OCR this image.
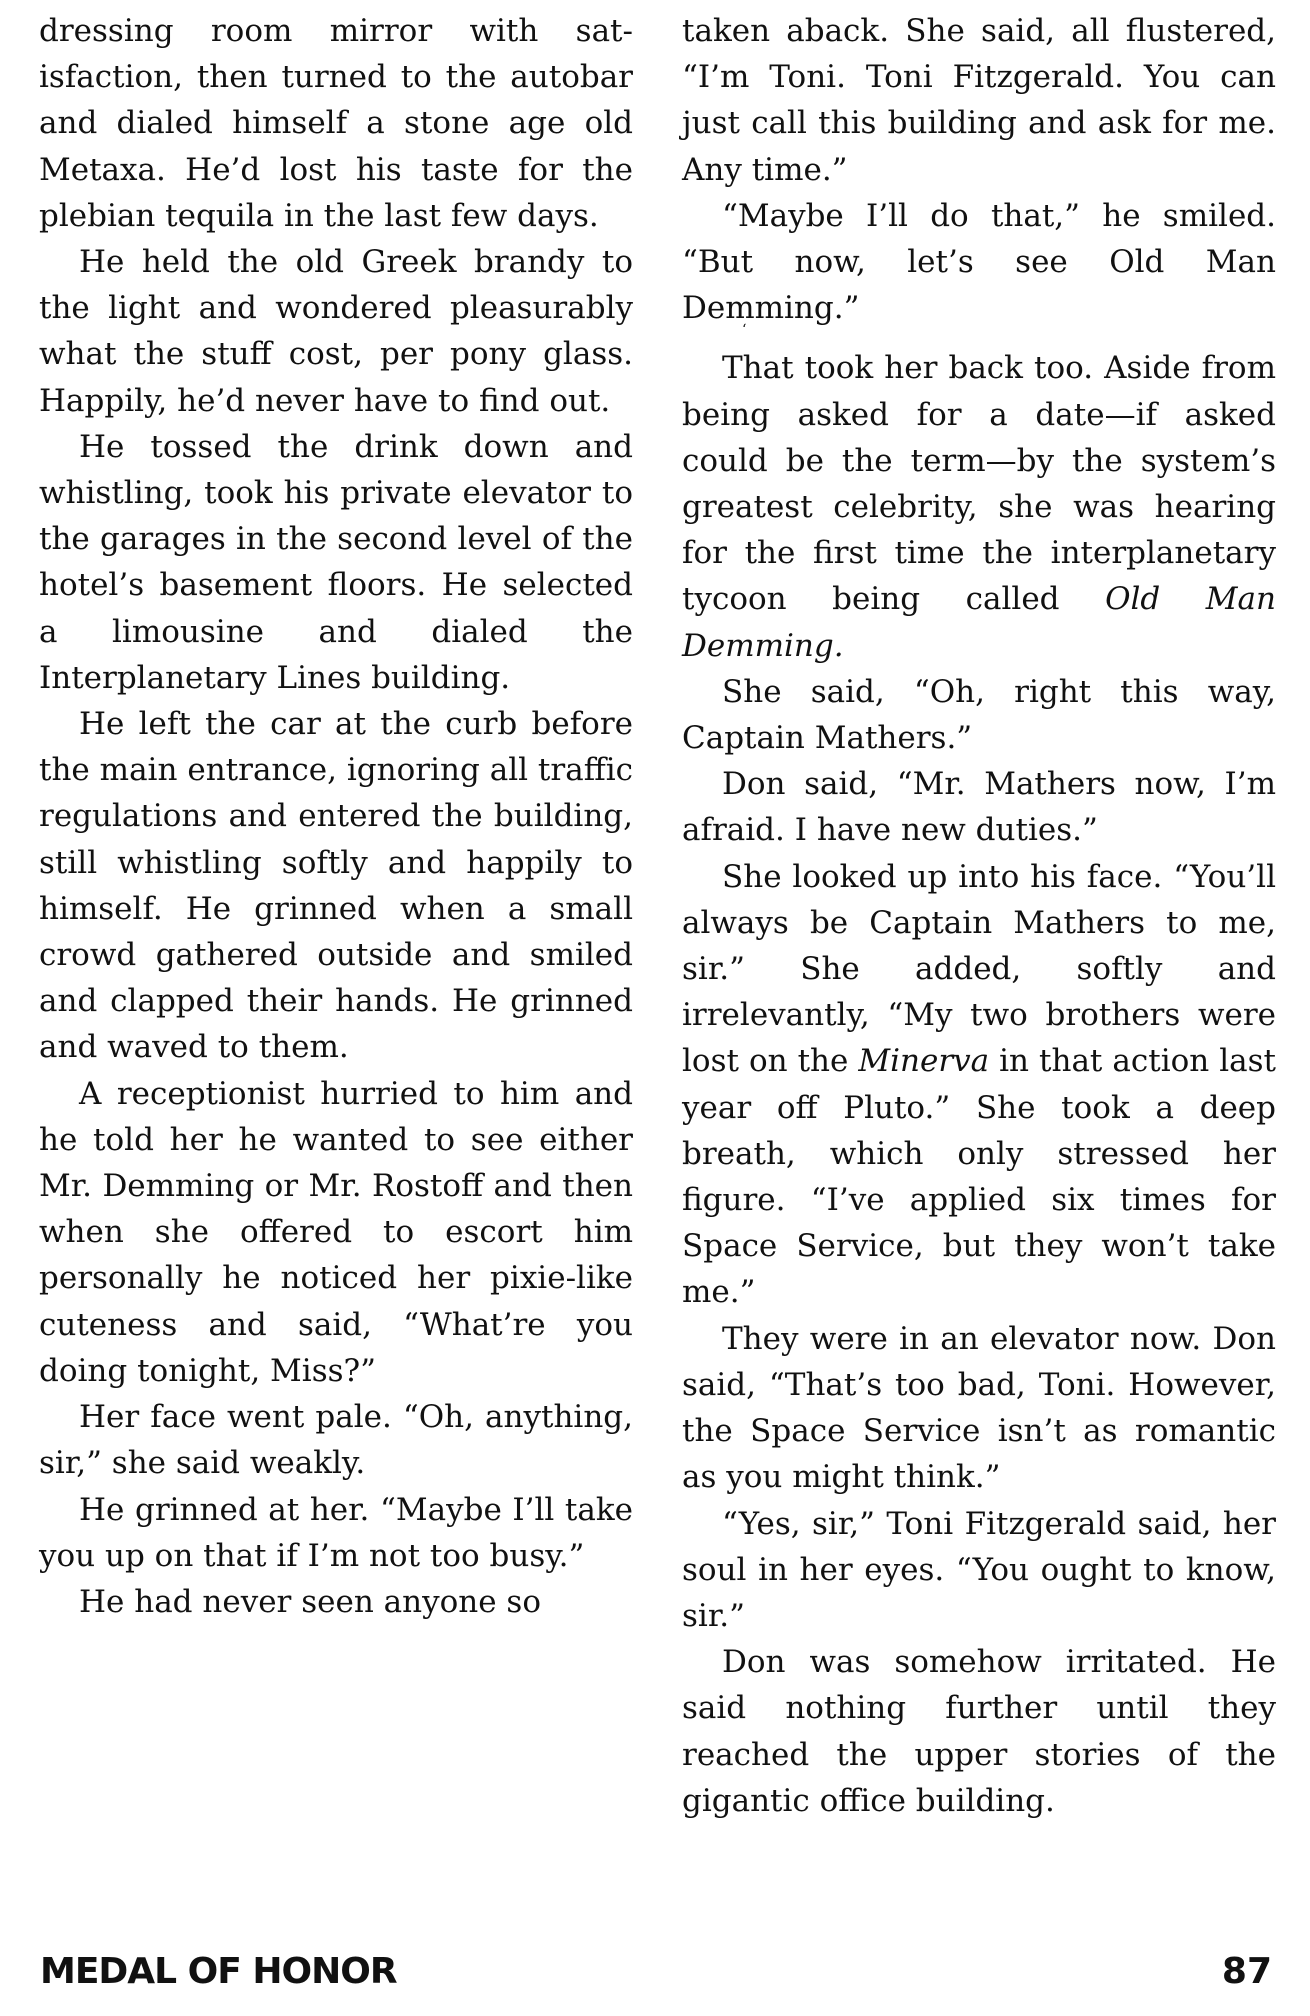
dressing room mirror with satisfaction, then turned to the autobar and dialed himself a stone age old Metaxa. He’d lost his taste for the plebian tequila in the last few days.

He held the old Greek brandy to the light and wondered pleasurably what the stuff cost, per pony glass. Happily, he’d never have to find out.

He tossed the drink down and whistling, took his private elevator to the garages in the second level of the hotel’s basement floors. He selected a limousine and dialed the Interplanetary Lines building.

He left the car at the curb before the main entrance, ignoring all traffic regulations and entered the building, still whistling softly and happily to himself. He grinned when a small crowd gathered outside and smiled and clapped their hands. He grinned and waved to them.

A receptionist hurried to him and he told her he wanted to see either Mr. Demming or Mr. Rostoff and then when she offered to escort him personally he noticed her pixie-like cuteness and said, “What’re you doing tonight, Miss?”

Her face went pale. “Oh, anything, sir,” she said weakly.

He grinned at her. “Maybe I’ll take you up on that if I’m not too busy.”

He had never seen anyone so

taken aback. She said, all flustered, “I’m Toni. Toni Fitzgerald. You can just call this building and ask for me. Any time.”

“Maybe I’ll do that,” he smiled. “But now, let’s see Old Man Demming.”

‘

That took her back too. Aside from being asked for a date—if asked could be the term—by the system’s greatest celebrity, she was hearing for the first time the interplanetary tycoon being called Old Man Demming.

She said, “Oh, right this way, Captain Mathers.”

Don said, “Mr. Mathers now, I’m afraid. I have new duties.”

She looked up into his face. “You’ll always be Captain Mathers to me, sir.” She added, softly and irrelevantly, “My two brothers were lost on the Minerva in that action last year off Pluto.” She took a deep breath, which only stressed her figure. “I’ve applied six times for Space Service, but they won’t take me.”

They were in an elevator now. Don said, “That’s too bad, Toni. However, the Space Service isn’t as romantic as you might think.”

“Yes, sir,” Toni Fitzgerald said, her soul in her eyes. “You ought to know, sir.”

Don was somehow irritated. He said nothing further until they reached the upper stories of the gigantic office building.

MEDAL OF HONOR	87
